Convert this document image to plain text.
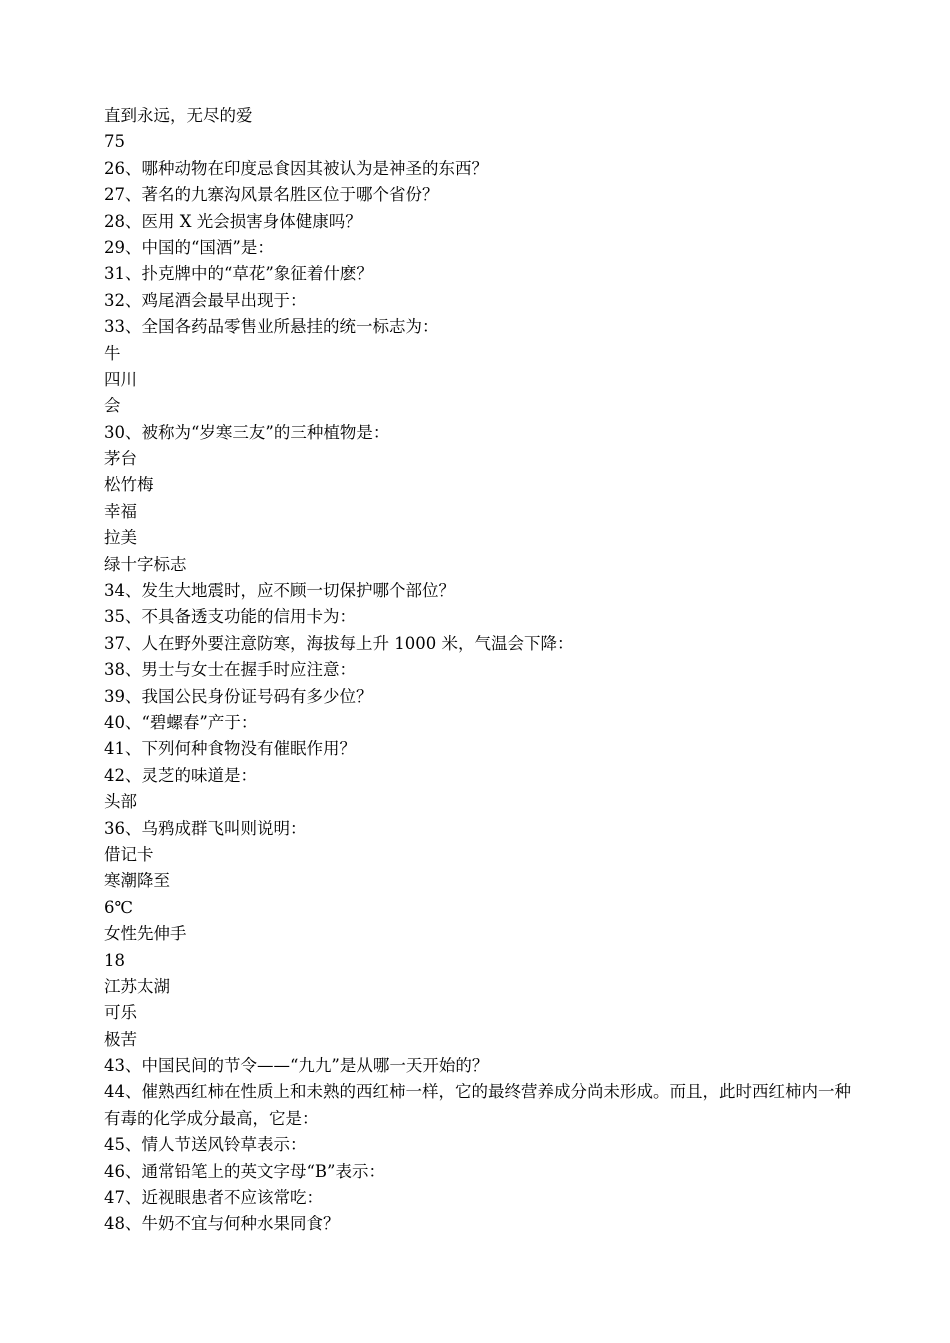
直到永远，无尽的爱

75

26、哪种动物在印度忌食因其被认为是神圣的东西？

27、著名的九寨沟风景名胜区位于哪个省份？

28、医用 X 光会损害身体健康吗？

29、中国的“国酒”是：

31、扑克牌中的“草花”象征着什麽？

32、鸡尾酒会最早出现于：

33、全国各药品零售业所悬挂的统一标志为：

牛

四川

会

30、被称为“岁寒三友”的三种植物是：

茅台

松竹梅

幸福

拉美

绿十字标志

34、发生大地震时，应不顾一切保护哪个部位？

35、不具备透支功能的信用卡为：

37、人在野外要注意防寒，海拔每上升 1000 米，气温会下降：

38、男士与女士在握手时应注意：

39、我国公民身份证号码有多少位？

40、“碧螺春”产于：

41、下列何种食物没有催眠作用？

42、灵芝的味道是：

头部

36、乌鸦成群飞叫则说明：

借记卡

寒潮降至

6℃

女性先伸手

18

江苏太湖

可乐

极苦

43、中国民间的节令——“九九”是从哪一天开始的？

44、催熟西红柿在性质上和未熟的西红柿一样，它的最终营养成分尚未形成。而且，此时西红柿内一种有毒的化学成分最高，它是：

45、情人节送风铃草表示：

46、通常铅笔上的英文字母“B”表示：

47、近视眼患者不应该常吃：

48、牛奶不宜与何种水果同食？
